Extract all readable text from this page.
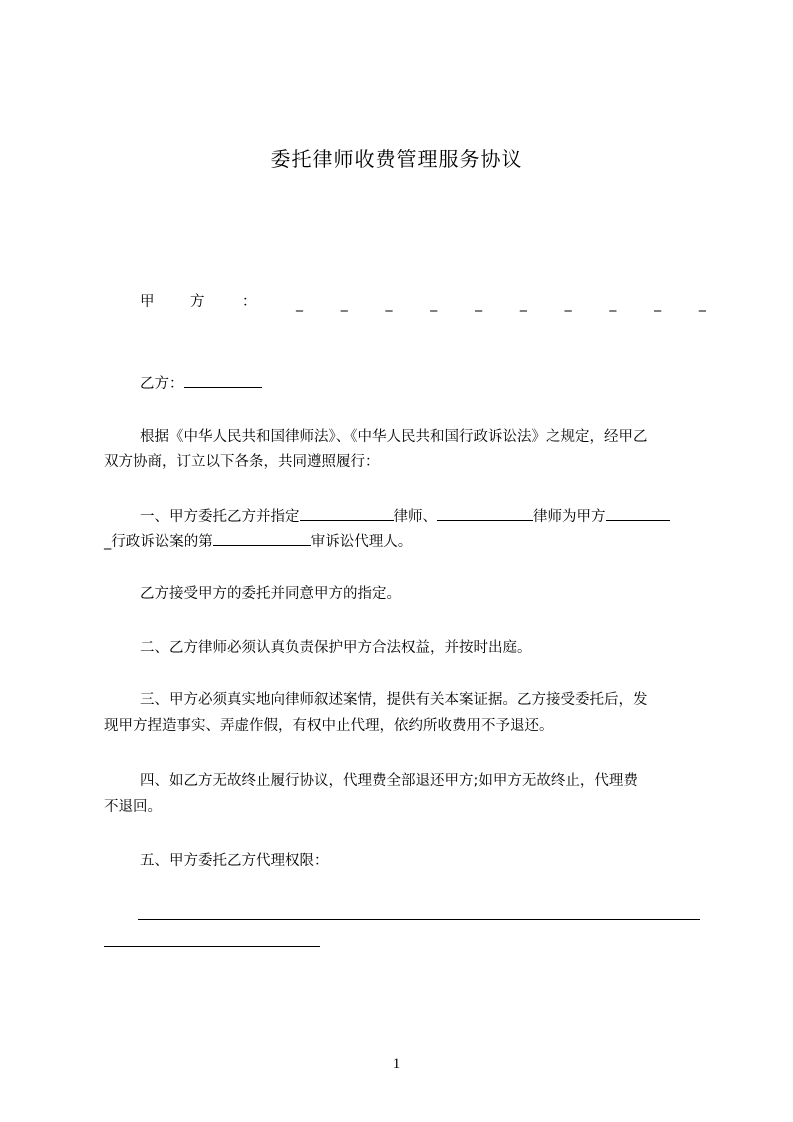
委托律师收费管理服务协议
甲 方	：	_	_	_	_	_	_	_	_	_	_
乙方：
根据《中华人民共和国律师法》、《中华人民共和国行政诉讼法》之规定，经甲乙
双方协商，订立以下各条，共同遵照履行：
一、甲方委托乙方并指定	律师、	律师为甲方
_行政诉讼案的第	审诉讼代理人。
乙方接受甲方的委托并同意甲方的指定。
二、乙方律师必须认真负责保护甲方合法权益，并按时出庭。
三、甲方必须真实地向律师叙述案情，提供有关本案证据。乙方接受委托后，发
现甲方捏造事实、弄虚作假，有权中止代理，依约所收费用不予退还。
四、如乙方无故终止履行协议，代理费全部退还甲方;如甲方无故终止，代理费
不退回。
五、甲方委托乙方代理权限：
1
